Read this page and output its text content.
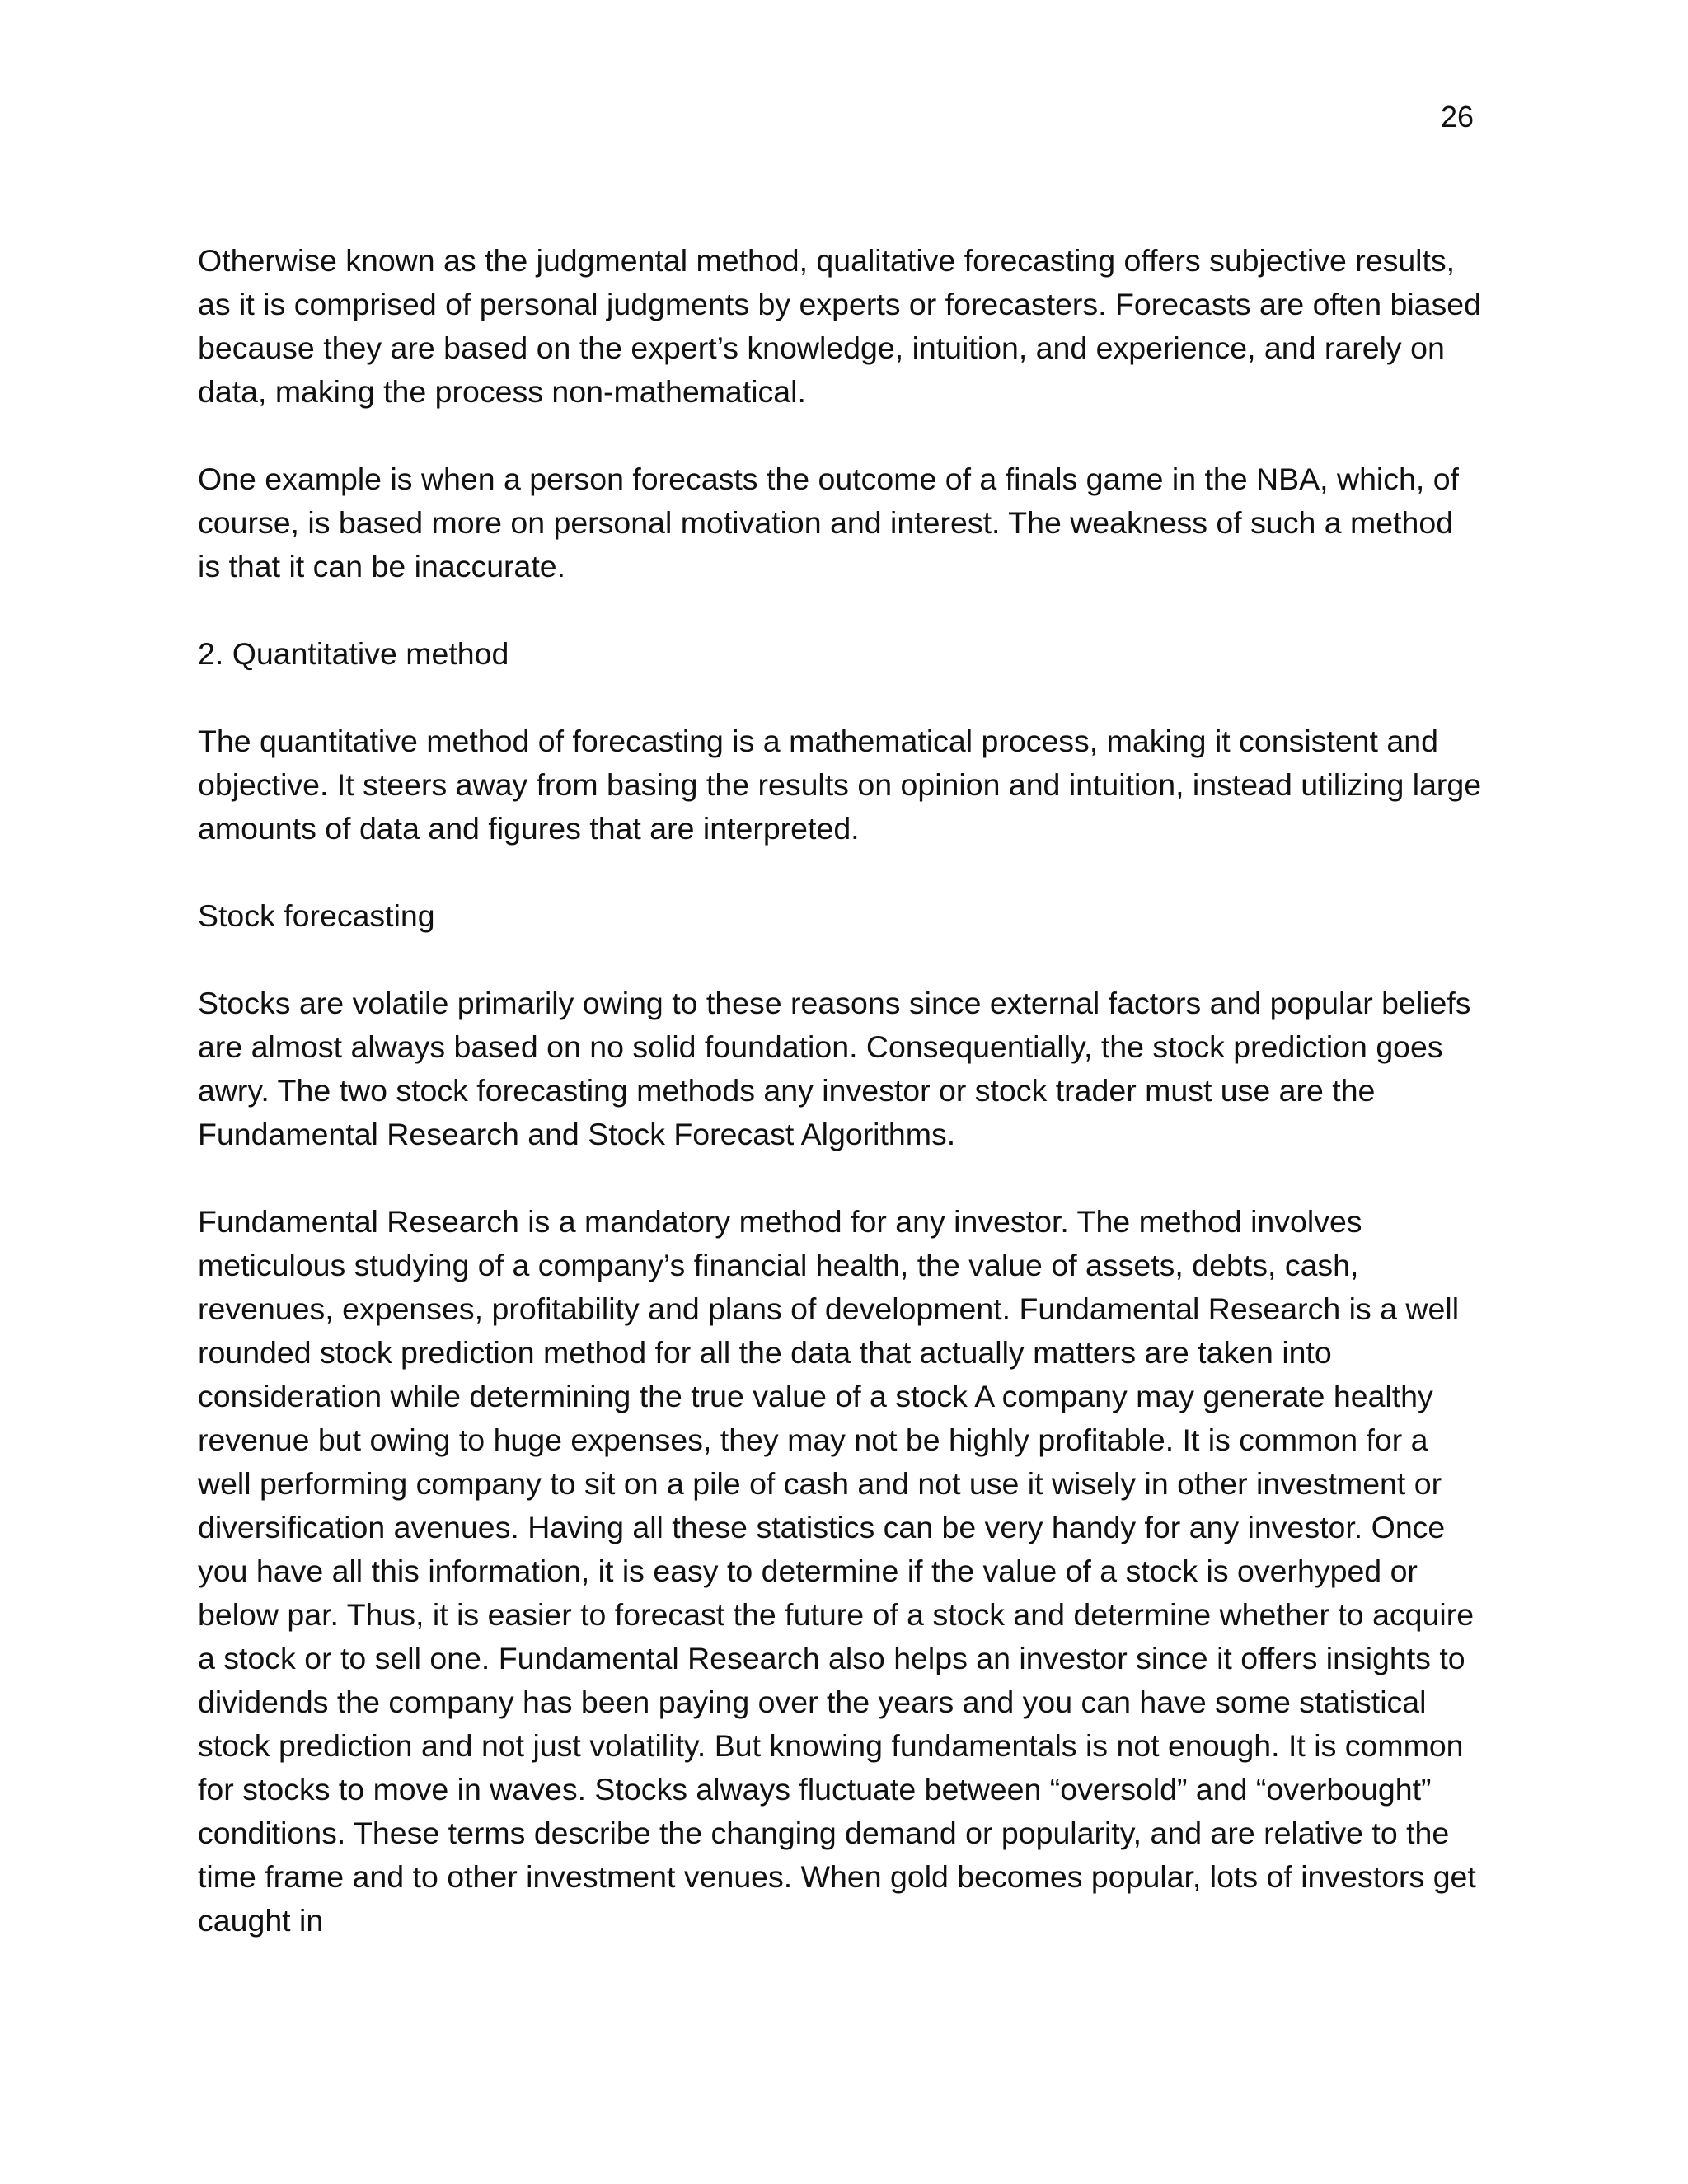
26

Otherwise known as the judgmental method, qualitative forecasting offers subjective results, as it is comprised of personal judgments by experts or forecasters. Forecasts are often biased because they are based on the expert’s knowledge, intuition, and experience, and rarely on data, making the process non-mathematical.

One example is when a person forecasts the outcome of a finals game in the NBA, which, of course, is based more on personal motivation and interest. The weakness of such a method is that it can be inaccurate.

2. Quantitative method

The quantitative method of forecasting is a mathematical process, making it consistent and objective. It steers away from basing the results on opinion and intuition, instead utilizing large amounts of data and figures that are interpreted.

Stock forecasting

Stocks are volatile primarily owing to these reasons since external factors and popular beliefs are almost always based on no solid foundation. Consequentially, the stock prediction goes awry. The two stock forecasting methods any investor or stock trader must use are the Fundamental Research and Stock Forecast Algorithms.

Fundamental Research is a mandatory method for any investor. The method involves meticulous studying of a company’s financial health, the value of assets, debts, cash, revenues, expenses, profitability and plans of development. Fundamental Research is a well rounded stock prediction method for all the data that actually matters are taken into consideration while determining the true value of a stock A company may generate healthy revenue but owing to huge expenses, they may not be highly profitable. It is common for a well performing company to sit on a pile of cash and not use it wisely in other investment or diversification avenues. Having all these statistics can be very handy for any investor. Once you have all this information, it is easy to determine if the value of a stock is overhyped or below par. Thus, it is easier to forecast the future of a stock and determine whether to acquire a stock or to sell one. Fundamental Research also helps an investor since it offers insights to dividends the company has been paying over the years and you can have some statistical stock prediction and not just volatility. But knowing fundamentals is not enough. It is common for stocks to move in waves. Stocks always fluctuate between “oversold” and “overbought” conditions. These terms describe the changing demand or popularity, and are relative to the time frame and to other investment venues. When gold becomes popular, lots of investors get caught in
